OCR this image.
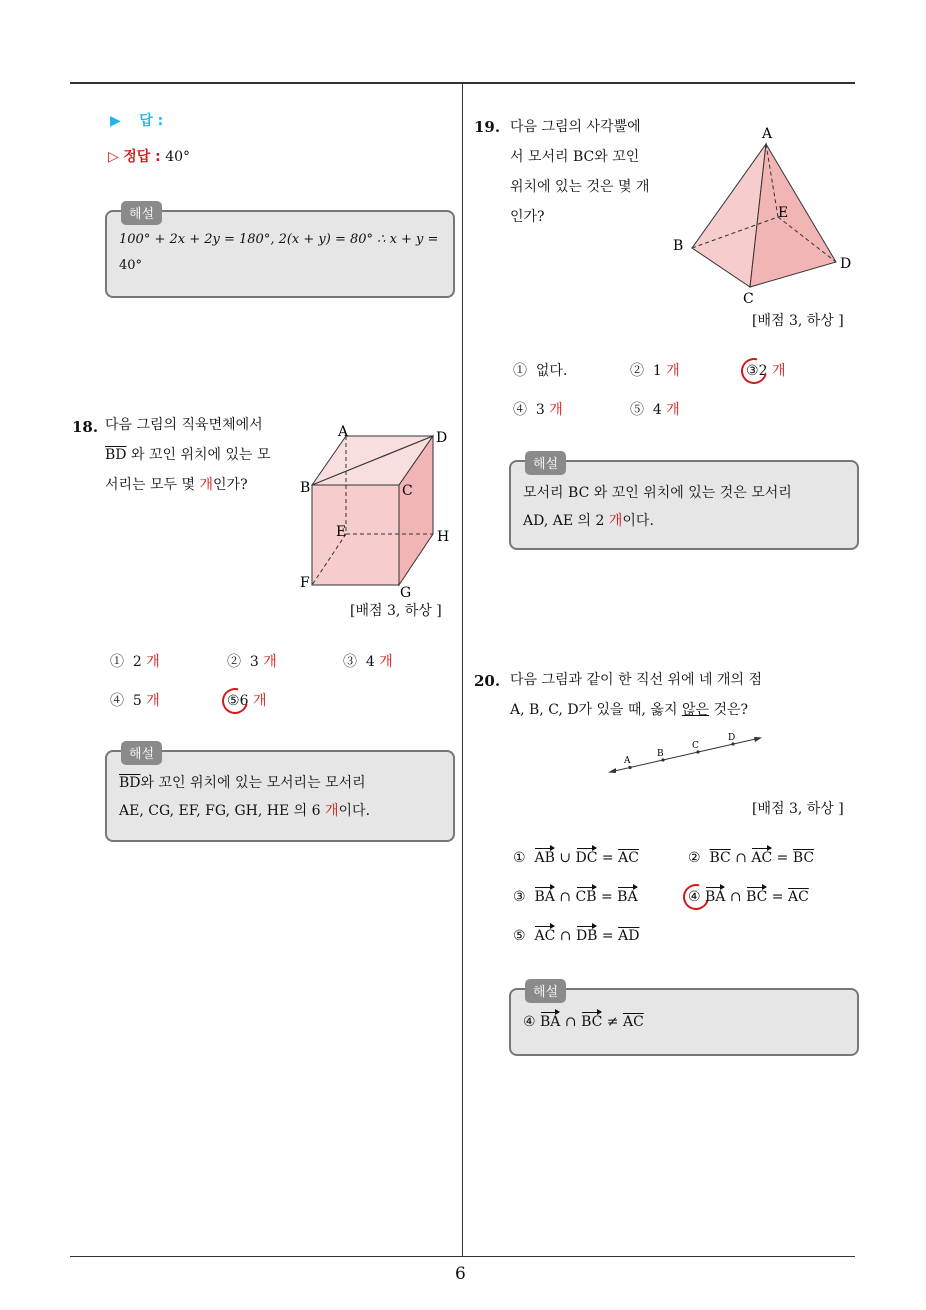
6
▶ 답 :
▷ 정답 : 40°
해설
100° + 2x + 2y = 180°, 2(x + y) = 80° ∴ x + y =
40°
18. 다음 그림의 직육면체에서
$\overline{BD}$ 와 꼬인 위치에 있는 모
서리는 모두 몇 개인가?
A	D
B	C
E	H
F
G
[배점 3, 하상 ]
① 2 개	② 3 개	③ 4 개
④ 5 개	⑤6 개
해설
$\overline{BD}$와 꼬인 위치에 있는 모서리는 모서리
AE, CG, EF, FG, GH, HE 의 6 개이다.
19. 다음 그림의 사각뿔에
서 모서리 BC와 꼬인
위치에 있는 것은 몇 개
인가?
A
E
B
D
C
[배점 3, 하상 ]
① 없다.	② 1 개	③2 개
④ 3 개	⑤ 4 개
해설
모서리 BC 와 꼬인 위치에 있는 것은 모서리
AD, AE 의 2 개이다.
20. 다음 그림과 같이 한 직선 위에 네 개의 점
A, B, C, D가 있을 때, 옳지 않은 것은?
A
B
C
D
[배점 3, 하상 ]
① AB ∪ DC = $\overline{AC}$	② $\overline{BC}$ ∩ AC = $\overline{BC}$
③ BA ∩ CB = BA	④ BA ∩ BC = $\overline{AC}$
⑤ AC ∩ DB = $\overline{AD}$
해설
④ BA ∩ BC ≠ $\overline{AC}$
